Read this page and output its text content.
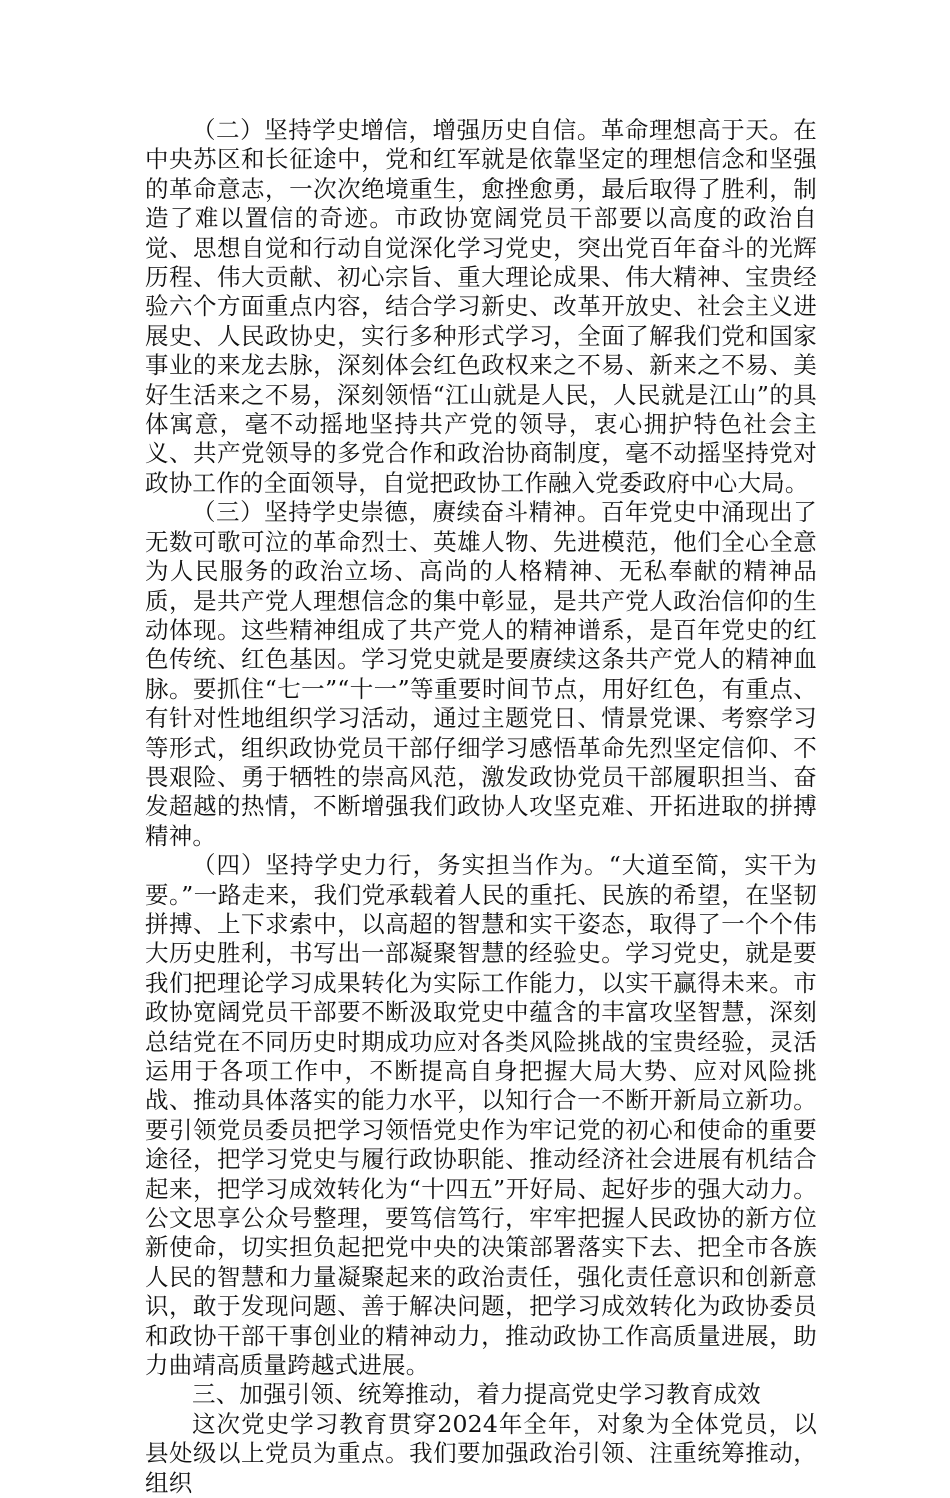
（二）坚持学史增信，增强历史自信。革命理想高于天。在中央苏区和长征途中，党和红军就是依靠坚定的理想信念和坚强的革命意志，一次次绝境重生，愈挫愈勇，最后取得了胜利，制造了难以置信的奇迹。市政协宽阔党员干部要以高度的政治自觉、思想自觉和行动自觉深化学习党史，突出党百年奋斗的光辉历程、伟大贡献、初心宗旨、重大理论成果、伟大精神、宝贵经验六个方面重点内容，结合学习新史、改革开放史、社会主义进展史、人民政协史，实行多种形式学习，全面了解我们党和国家事业的来龙去脉，深刻体会红色政权来之不易、新来之不易、美好生活来之不易，深刻领悟“江山就是人民，人民就是江山”的具体寓意，毫不动摇地坚持共产党的领导，衷心拥护特色社会主义、共产党领导的多党合作和政治协商制度，毫不动摇坚持党对政协工作的全面领导，自觉把政协工作融入党委政府中心大局。

（三）坚持学史崇德，赓续奋斗精神。百年党史中涌现出了无数可歌可泣的革命烈士、英雄人物、先进模范，他们全心全意为人民服务的政治立场、高尚的人格精神、无私奉献的精神品质，是共产党人理想信念的集中彰显，是共产党人政治信仰的生动体现。这些精神组成了共产党人的精神谱系，是百年党史的红色传统、红色基因。学习党史就是要赓续这条共产党人的精神血脉。要抓住“七一”“十一”等重要时间节点，用好红色，有重点、有针对性地组织学习活动，通过主题党日、情景党课、考察学习等形式，组织政协党员干部仔细学习感悟革命先烈坚定信仰、不畏艰险、勇于牺牲的崇高风范，激发政协党员干部履职担当、奋发超越的热情，不断增强我们政协人攻坚克难、开拓进取的拼搏精神。

（四）坚持学史力行，务实担当作为。“大道至简，实干为要。”一路走来，我们党承载着人民的重托、民族的希望，在坚韧拼搏、上下求索中，以高超的智慧和实干姿态，取得了一个个伟大历史胜利，书写出一部凝聚智慧的经验史。学习党史，就是要我们把理论学习成果转化为实际工作能力，以实干赢得未来。市政协宽阔党员干部要不断汲取党史中蕴含的丰富攻坚智慧，深刻总结党在不同历史时期成功应对各类风险挑战的宝贵经验，灵活运用于各项工作中，不断提高自身把握大局大势、应对风险挑战、推动具体落实的能力水平，以知行合一不断开新局立新功。要引领党员委员把学习领悟党史作为牢记党的初心和使命的重要途径，把学习党史与履行政协职能、推动经济社会进展有机结合起来，把学习成效转化为“十四五”开好局、起好步的强大动力。公文思享公众号整理，要笃信笃行，牢牢把握人民政协的新方位新使命，切实担负起把党中央的决策部署落实下去、把全市各族人民的智慧和力量凝聚起来的政治责任，强化责任意识和创新意识，敢于发现问题、善于解决问题，把学习成效转化为政协委员和政协干部干事创业的精神动力，推动政协工作高质量进展，助力曲靖高质量跨越式进展。

三、加强引领、统筹推动，着力提高党史学习教育成效

这次党史学习教育贯穿2024年全年，对象为全体党员，以县处级以上党员为重点。我们要加强政治引领、注重统筹推动，组织
